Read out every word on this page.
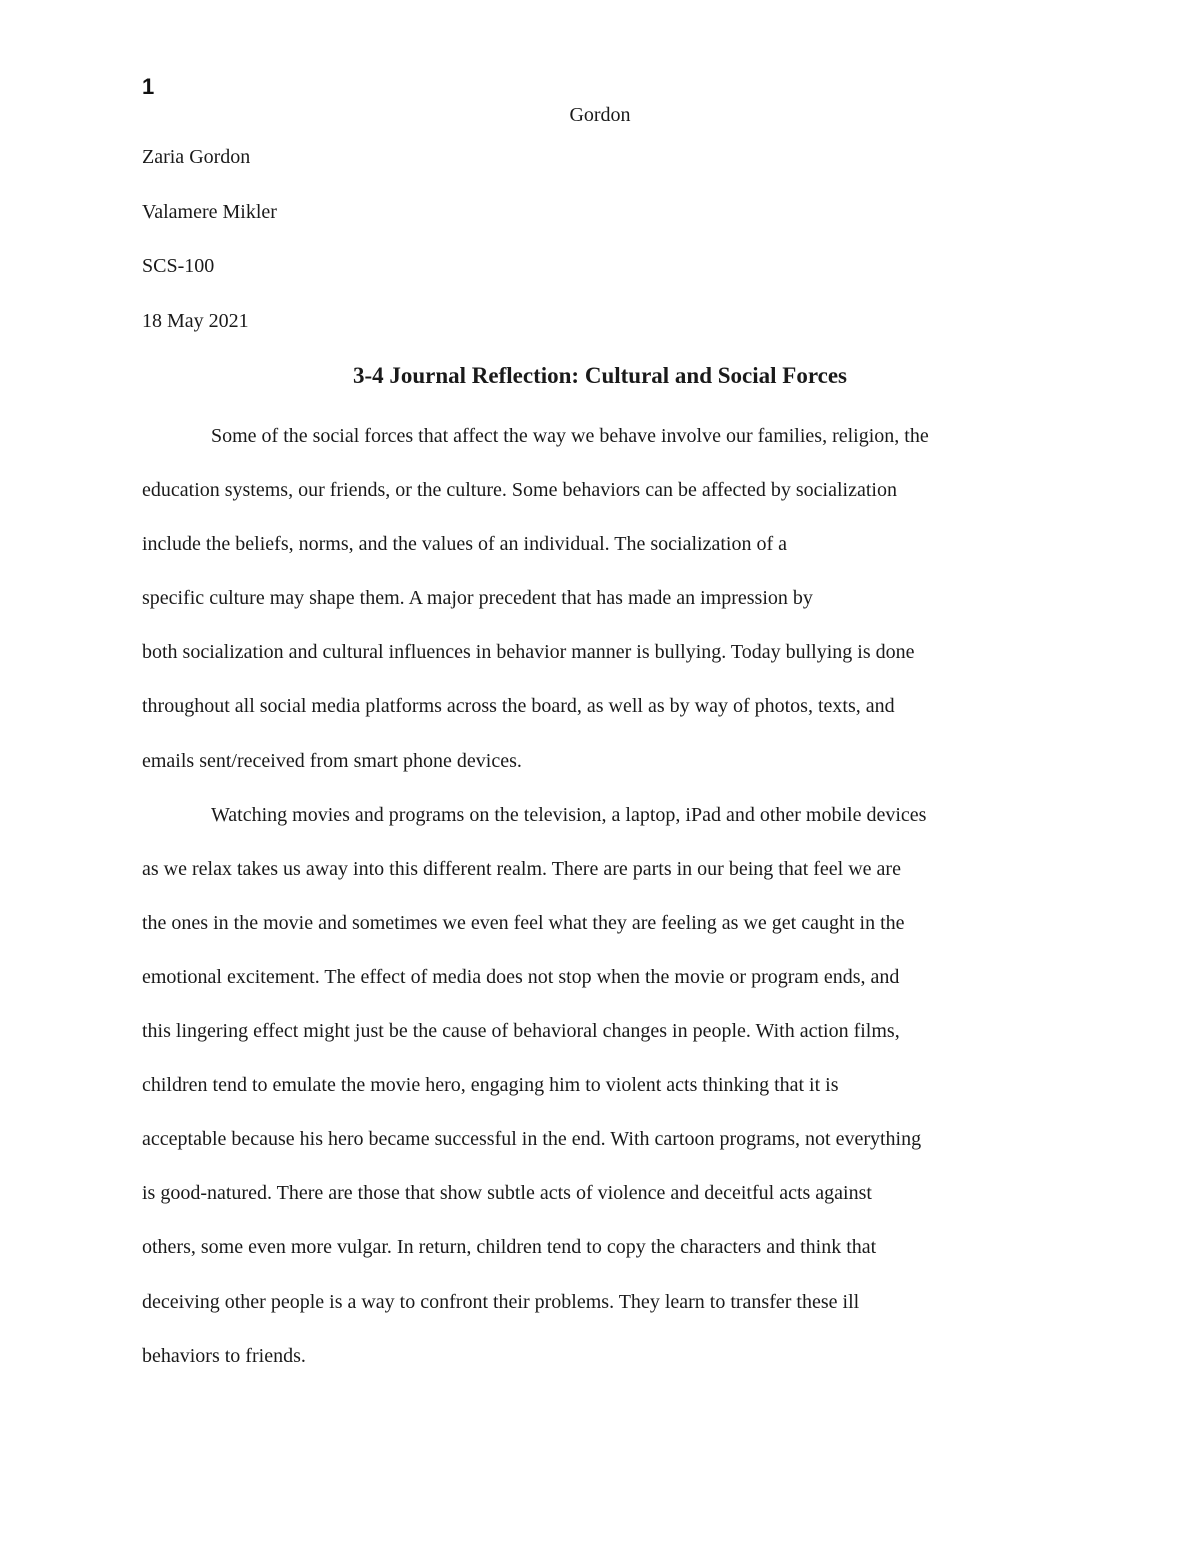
1
Gordon
Zaria Gordon
Valamere Mikler
SCS-100
18 May 2021
3-4 Journal Reflection: Cultural and Social Forces
Some of the social forces that affect the way we behave involve our families, religion, the
education systems, our friends, or the culture. Some behaviors can be affected by socialization
include the beliefs, norms, and the values of an individual. The socialization of a
specific culture may shape them. A major precedent that has made an impression by
both socialization and cultural influences in behavior manner is bullying. Today bullying is done
throughout all social media platforms across the board, as well as by way of photos, texts, and
emails sent/received from smart phone devices.
Watching movies and programs on the television, a laptop, iPad and other mobile devices
as we relax takes us away into this different realm. There are parts in our being that feel we are
the ones in the movie and sometimes we even feel what they are feeling as we get caught in the
emotional excitement. The effect of media does not stop when the movie or program ends, and
this lingering effect might just be the cause of behavioral changes in people. With action films,
children tend to emulate the movie hero, engaging him to violent acts thinking that it is
acceptable because his hero became successful in the end. With cartoon programs, not everything
is good-natured. There are those that show subtle acts of violence and deceitful acts against
others, some even more vulgar. In return, children tend to copy the characters and think that
deceiving other people is a way to confront their problems. They learn to transfer these ill
behaviors to friends.
